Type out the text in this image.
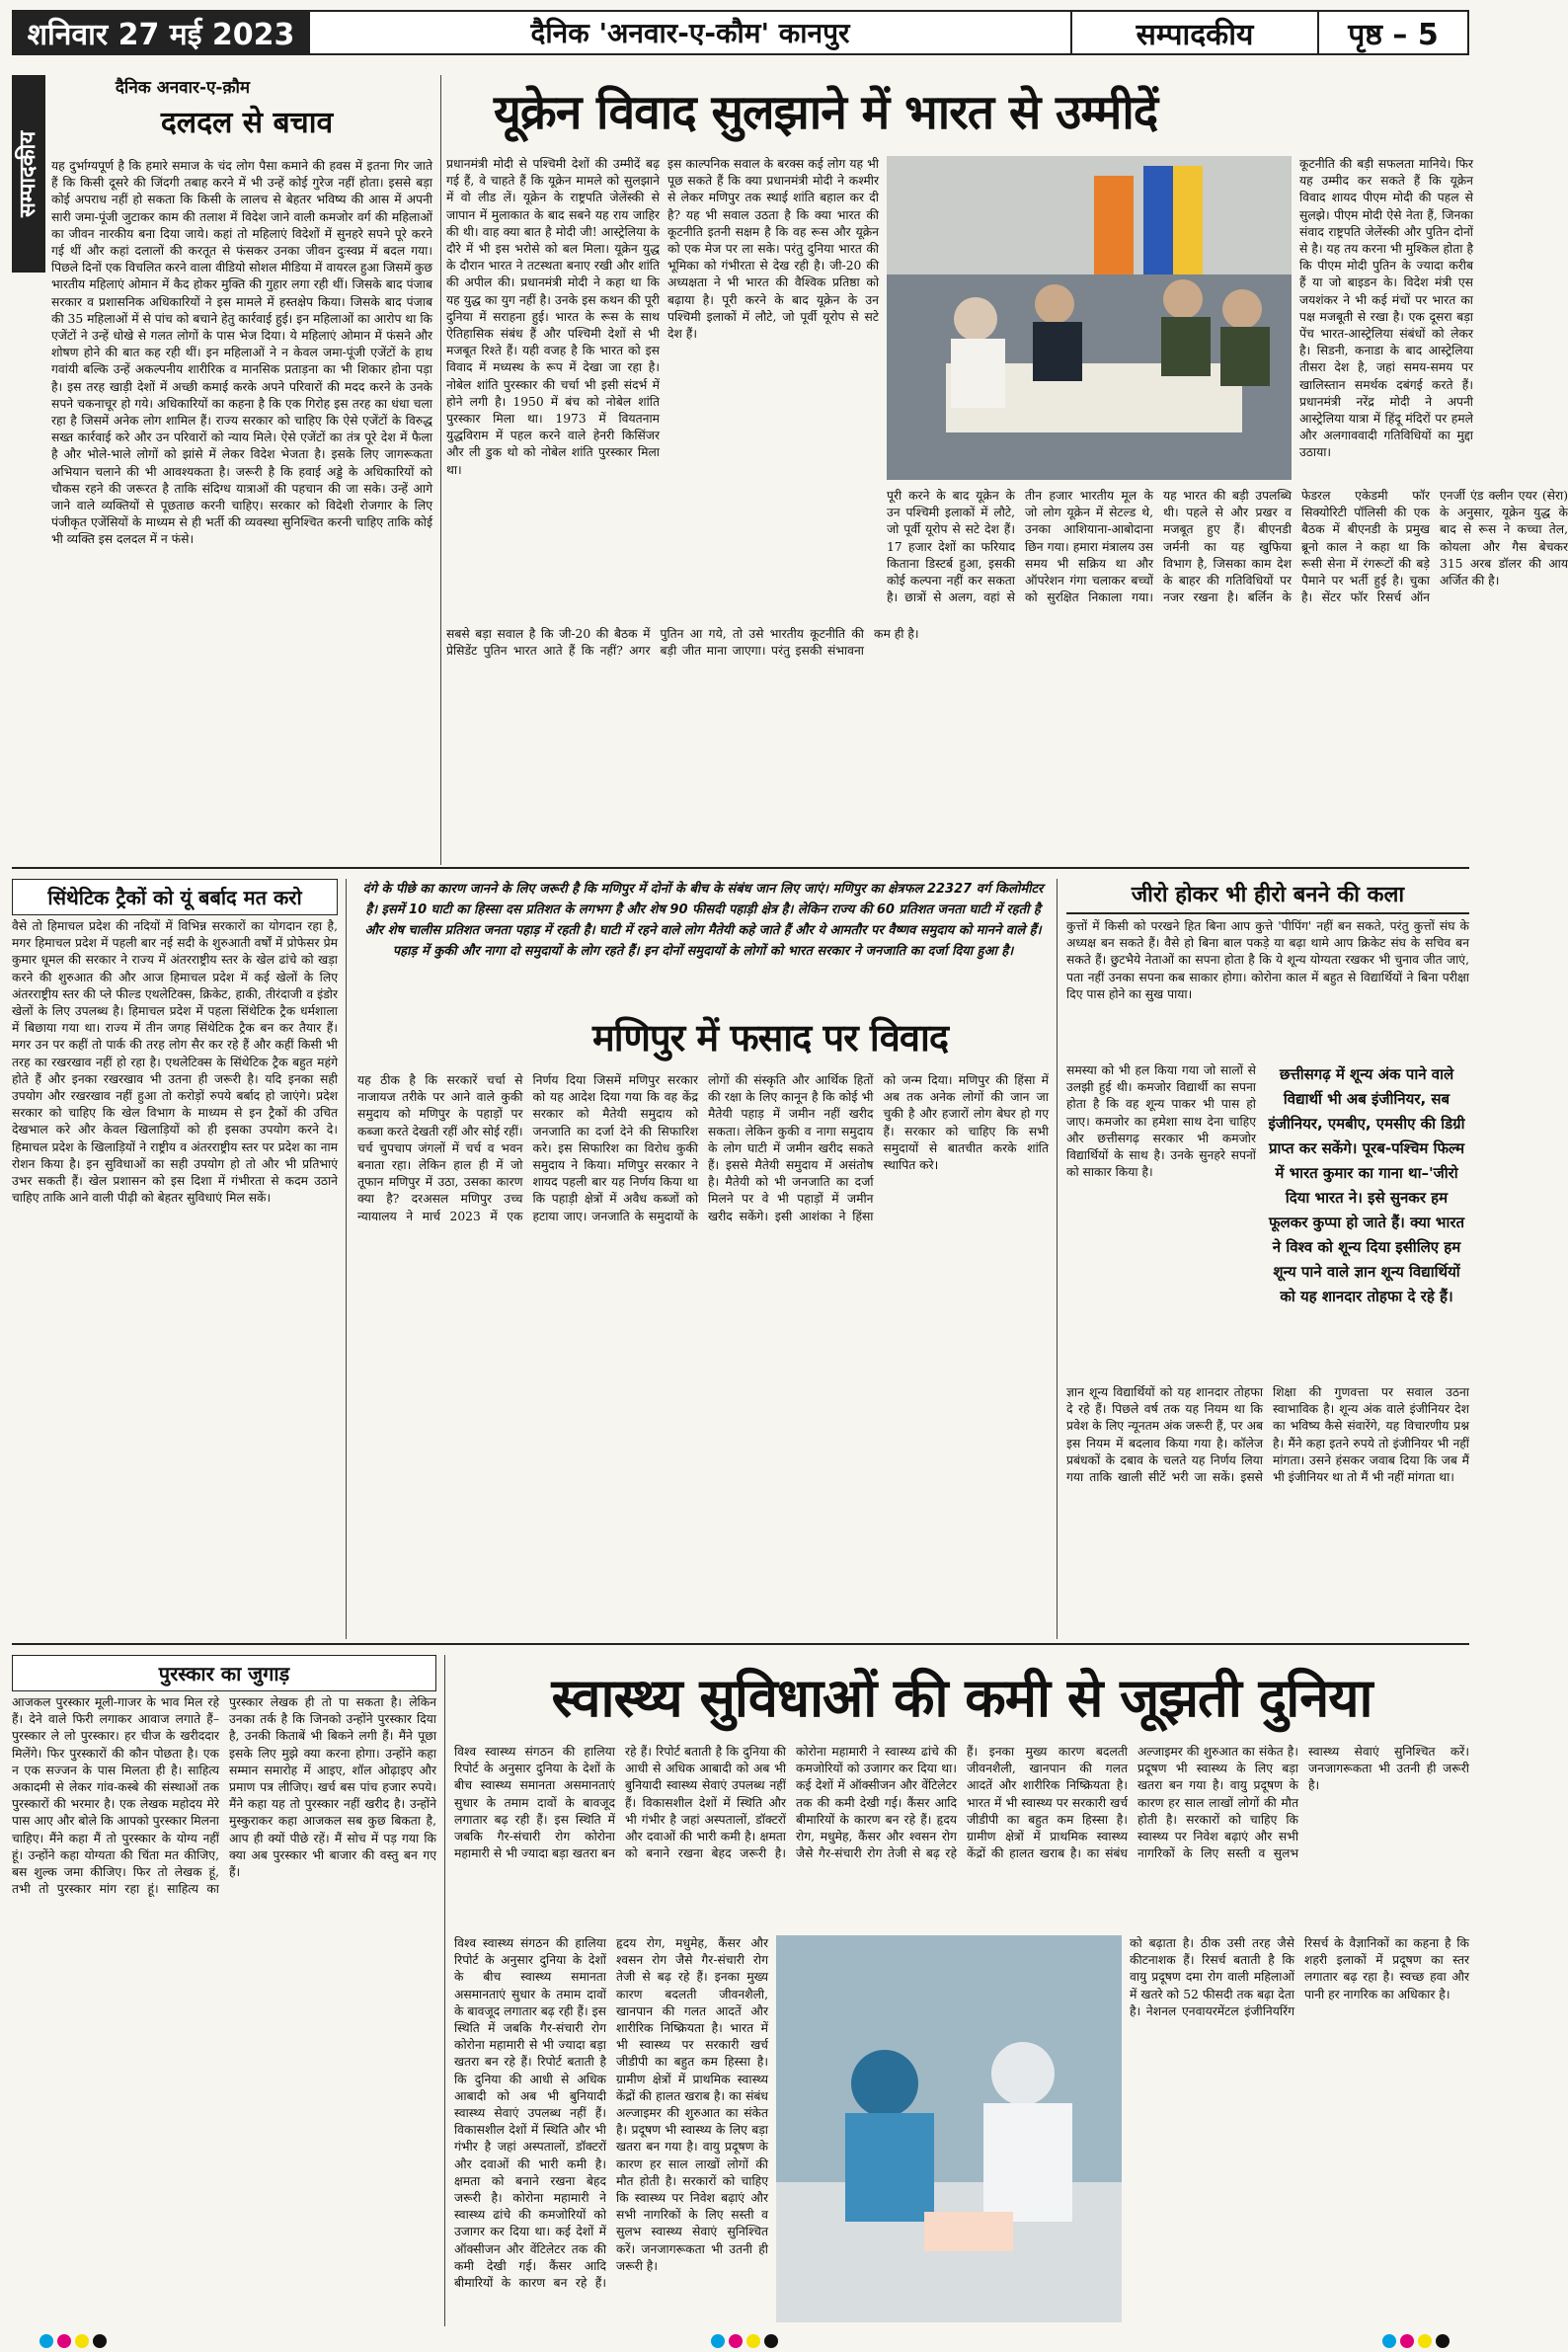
शनिवार 27 मई 2023	दैनिक 'अनवार-ए-कौम' कानपुर	सम्पादकीय	पृष्ठ – 5
सम्पादकीय
दैनिक अनवार-ए-क़ौम
दलदल से बचाव
यह दुर्भाग्यपूर्ण है कि हमारे समाज के चंद लोग पैसा कमाने की हवस में इतना गिर जाते हैं कि किसी दूसरे की जिंदगी तबाह करने में भी उन्हें कोई गुरेज नहीं होता। इससे बड़ा कोई अपराध नहीं हो सकता कि किसी के लालच से बेहतर भविष्य की आस में अपनी सारी जमा-पूंजी जुटाकर काम की तलाश में विदेश जाने वाली कमजोर वर्ग की महिलाओं का जीवन नारकीय बना दिया जाये। कहां तो महिलाएं विदेशों में सुनहरे सपने पूरे करने गई थीं और कहां दलालों की करतूत से फंसकर उनका जीवन दुःस्वप्न में बदल गया। पिछले दिनों एक विचलित करने वाला वीडियो सोशल मीडिया में वायरल हुआ जिसमें कुछ भारतीय महिलाएं ओमान में कैद होकर मुक्ति की गुहार लगा रही थीं। जिसके बाद पंजाब सरकार व प्रशासनिक अधिकारियों ने इस मामले में हस्तक्षेप किया। जिसके बाद पंजाब की 35 महिलाओं में से पांच को बचाने हेतु कार्रवाई हुई। इन महिलाओं का आरोप था कि एजेंटों ने उन्हें धोखे से गलत लोगों के पास भेज दिया। ये महिलाएं ओमान में फंसने और शोषण होने की बात कह रही थीं। इन महिलाओं ने न केवल जमा-पूंजी एजेंटों के हाथ गवांयी बल्कि उन्हें अकल्पनीय शारीरिक व मानसिक प्रताड़ना का भी शिकार होना पड़ा है। इस तरह खाड़ी देशों में अच्छी कमाई करके अपने परिवारों की मदद करने के उनके सपने चकनाचूर हो गये। अधिकारियों का कहना है कि एक गिरोह इस तरह का धंधा चला रहा है जिसमें अनेक लोग शामिल हैं। राज्य सरकार को चाहिए कि ऐसे एजेंटों के विरुद्ध सख्त कार्रवाई करे और उन परिवारों को न्याय मिले। ऐसे एजेंटों का तंत्र पूरे देश में फैला है और भोले-भाले लोगों को झांसे में लेकर विदेश भेजता है। इसके लिए जागरूकता अभियान चलाने की भी आवश्यकता है। जरूरी है कि हवाई अड्डे के अधिकारियों को चौकस रहने की जरूरत है ताकि संदिग्ध यात्राओं की पहचान की जा सके। उन्हें आगे जाने वाले व्यक्तियों से पूछताछ करनी चाहिए। सरकार को विदेशी रोजगार के लिए पंजीकृत एजेंसियों के माध्यम से ही भर्ती की व्यवस्था सुनिश्चित करनी चाहिए ताकि कोई भी व्यक्ति इस दलदल में न फंसे।
यूक्रेन विवाद सुलझाने में भारत से उम्मीदें
प्रधानमंत्री मोदी से पश्चिमी देशों की उम्मीदें बढ़ गई हैं, वे चाहते हैं कि यूक्रेन मामले को सुलझाने में वो लीड लें। यूक्रेन के राष्ट्रपति जेलेंस्की से जापान में मुलाकात के बाद सबने यह राय जाहिर की थी। वाह क्या बात है मोदी जी! आस्ट्रेलिया के दौरे में भी इस भरोसे को बल मिला। यूक्रेन युद्ध के दौरान भारत ने तटस्थता बनाए रखी और शांति की अपील की। प्रधानमंत्री मोदी ने कहा था कि यह युद्ध का युग नहीं है। उनके इस कथन की पूरी दुनिया में सराहना हुई। भारत के रूस के साथ ऐतिहासिक संबंध हैं और पश्चिमी देशों से भी मजबूत रिश्ते हैं। यही वजह है कि भारत को इस विवाद में मध्यस्थ के रूप में देखा जा रहा है। नोबेल शांति पुरस्कार की चर्चा भी इसी संदर्भ में होने लगी है। 1950 में बंच को नोबेल शांति पुरस्कार मिला था। 1973 में वियतनाम युद्धविराम में पहल करने वाले हेनरी किसिंजर और ली डुक थो को नोबेल शांति पुरस्कार मिला था।
इस काल्पनिक सवाल के बरक्स कई लोग यह भी पूछ सकते हैं कि क्या प्रधानमंत्री मोदी ने कश्मीर से लेकर मणिपुर तक स्थाई शांति बहाल कर दी है? यह भी सवाल उठता है कि क्या भारत की कूटनीति इतनी सक्षम है कि वह रूस और यूक्रेन को एक मेज पर ला सके। परंतु दुनिया भारत की भूमिका को गंभीरता से देख रही है। जी-20 की अध्यक्षता ने भी भारत की वैश्विक प्रतिष्ठा को बढ़ाया है। पूरी करने के बाद यूक्रेन के उन पश्चिमी इलाकों में लौटे, जो पूर्वी यूरोप से सटे देश हैं।
कूटनीति की बड़ी सफलता मानिये। फिर यह उम्मीद कर सकते हैं कि यूक्रेन विवाद शायद पीएम मोदी की पहल से सुलझे। पीएम मोदी ऐसे नेता हैं, जिनका संवाद राष्ट्रपति जेलेंस्की और पुतिन दोनों से है। यह तय करना भी मुश्किल होता है कि पीएम मोदी पुतिन के ज्यादा करीब हैं या जो बाइडन के। विदेश मंत्री एस जयशंकर ने भी कई मंचों पर भारत का पक्ष मजबूती से रखा है। एक दूसरा बड़ा पेंच भारत-आस्ट्रेलिया संबंधों को लेकर है। सिडनी, कनाडा के बाद आस्ट्रेलिया तीसरा देश है, जहां समय-समय पर खालिस्तान समर्थक दबंगई करते हैं। प्रधानमंत्री नरेंद्र मोदी ने अपनी आस्ट्रेलिया यात्रा में हिंदू मंदिरों पर हमले और अलगाववादी गतिविधियों का मुद्दा उठाया।
पूरी करने के बाद यूक्रेन के उन पश्चिमी इलाकों में लौटे, जो पूर्वी यूरोप से सटे देश हैं। 17 हजार देशों का फरियाद किताना डिस्टर्ब हुआ, इसकी कोई कल्पना नहीं कर सकता है। छात्रों से अलग, वहां से तीन हजार भारतीय मूल के जो लोग यूक्रेन में सेटल्ड थे, उनका आशियाना-आबोदाना छिन गया। हमारा मंत्रालय उस समय भी सक्रिय था और ऑपरेशन गंगा चलाकर बच्चों को सुरक्षित निकाला गया। यह भारत की बड़ी उपलब्धि थी। पहले से और प्रखर व मजबूत हुए हैं। बीएनडी जर्मनी का यह खुफिया विभाग है, जिसका काम देश के बाहर की गतिविधियों पर नजर रखना है। बर्लिन के फेडरल एकेडमी फॉर सिक्योरिटी पॉलिसी की एक बैठक में बीएनडी के प्रमुख ब्रूनो काल ने कहा था कि रूसी सेना में रंगरूटों की बड़े पैमाने पर भर्ती हुई है। चुका है। सेंटर फॉर रिसर्च ऑन एनर्जी एंड क्लीन एयर (सेरा) के अनुसार, यूक्रेन युद्ध के बाद से रूस ने कच्चा तेल, कोयला और गैस बेचकर 315 अरब डॉलर की आय अर्जित की है।
सबसे बड़ा सवाल है कि जी-20 की बैठक में प्रेसिडेंट पुतिन भारत आते हैं कि नहीं? अगर पुतिन आ गये, तो उसे भारतीय कूटनीति की बड़ी जीत माना जाएगा। परंतु इसकी संभावना कम ही है।
सिंथेटिक ट्रैकों को यूं बर्बाद मत करो
वैसे तो हिमाचल प्रदेश की नदियों में विभिन्न सरकारों का योगदान रहा है, मगर हिमाचल प्रदेश में पहली बार नई सदी के शुरुआती वर्षों में प्रोफेसर प्रेम कुमार धूमल की सरकार ने राज्य में अंतरराष्ट्रीय स्तर के खेल ढांचे को खड़ा करने की शुरुआत की और आज हिमाचल प्रदेश में कई खेलों के लिए अंतरराष्ट्रीय स्तर की प्ले फील्ड एथलेटिक्स, क्रिकेट, हाकी, तीरंदाजी व इंडोर खेलों के लिए उपलब्ध है। हिमाचल प्रदेश में पहला सिंथेटिक ट्रैक धर्मशाला में बिछाया गया था। राज्य में तीन जगह सिंथेटिक ट्रैक बन कर तैयार हैं। मगर उन पर कहीं तो पार्क की तरह लोग सैर कर रहे हैं और कहीं किसी भी तरह का रखरखाव नहीं हो रहा है। एथलेटिक्स के सिंथेटिक ट्रैक बहुत महंगे होते हैं और इनका रखरखाव भी उतना ही जरूरी है। यदि इनका सही उपयोग और रखरखाव नहीं हुआ तो करोड़ों रुपये बर्बाद हो जाएंगे। प्रदेश सरकार को चाहिए कि खेल विभाग के माध्यम से इन ट्रैकों की उचित देखभाल करे और केवल खिलाड़ियों को ही इसका उपयोग करने दे। हिमाचल प्रदेश के खिलाड़ियों ने राष्ट्रीय व अंतरराष्ट्रीय स्तर पर प्रदेश का नाम रोशन किया है। इन सुविधाओं का सही उपयोग हो तो और भी प्रतिभाएं उभर सकती हैं। खेल प्रशासन को इस दिशा में गंभीरता से कदम उठाने चाहिए ताकि आने वाली पीढ़ी को बेहतर सुविधाएं मिल सकें।
दंगे के पीछे का कारण जानने के लिए जरूरी है कि मणिपुर में दोनों के बीच के संबंध जान लिए जाएं। मणिपुर का क्षेत्रफल 22327 वर्ग किलोमीटर है। इसमें 10 घाटी का हिस्सा दस प्रतिशत के लगभग है और शेष 90 फीसदी पहाड़ी क्षेत्र है। लेकिन राज्य की 60 प्रतिशत जनता घाटी में रहती है और शेष चालीस प्रतिशत जनता पहाड़ में रहती है। घाटी में रहने वाले लोग मैतेयी कहे जाते हैं और ये आमतौर पर वैष्णव समुदाय को मानने वाले हैं। पहाड़ में कुकी और नागा दो समुदायों के लोग रहते हैं। इन दोनों समुदायों के लोगों को भारत सरकार ने जनजाति का दर्जा दिया हुआ है।
मणिपुर में फसाद पर विवाद
यह ठीक है कि सरकारें चर्चा से नाजायज तरीके पर आने वाले कुकी समुदाय को मणिपुर के पहाड़ों पर कब्जा करते देखती रहीं और सोई रहीं। चर्च चुपचाप जंगलों में चर्च व भवन बनाता रहा। लेकिन हाल ही में जो तूफान मणिपुर में उठा, उसका कारण क्या है? दरअसल मणिपुर उच्च न्यायालय ने मार्च 2023 में एक निर्णय दिया जिसमें मणिपुर सरकार को यह आदेश दिया गया कि वह केंद्र सरकार को मैतेयी समुदाय को जनजाति का दर्जा देने की सिफारिश करे। इस सिफारिश का विरोध कुकी समुदाय ने किया। मणिपुर सरकार ने शायद पहली बार यह निर्णय किया था कि पहाड़ी क्षेत्रों में अवैध कब्जों को हटाया जाए। जनजाति के समुदायों के लोगों की संस्कृति और आर्थिक हितों की रक्षा के लिए कानून है कि कोई भी मैतेयी पहाड़ में जमीन नहीं खरीद सकता। लेकिन कुकी व नागा समुदाय के लोग घाटी में जमीन खरीद सकते हैं। इससे मैतेयी समुदाय में असंतोष है। मैतेयी को भी जनजाति का दर्जा मिलने पर वे भी पहाड़ों में जमीन खरीद सकेंगे। इसी आशंका ने हिंसा को जन्म दिया। मणिपुर की हिंसा में अब तक अनेक लोगों की जान जा चुकी है और हजारों लोग बेघर हो गए हैं। सरकार को चाहिए कि सभी समुदायों से बातचीत करके शांति स्थापित करे।
जीरो होकर भी हीरो बनने की कला
कुत्तों में किसी को परखने हित बिना आप कुत्ते 'पीपिंग' नहीं बन सकते, परंतु कुत्तों संघ के अध्यक्ष बन सकते हैं। वैसे हो बिना बाल पकड़े या बढ़ा थामे आप क्रिकेट संघ के सचिव बन सकते हैं। छुटभैये नेताओं का सपना होता है कि ये शून्य योग्यता रखकर भी चुनाव जीत जाएं, पता नहीं उनका सपना कब साकार होगा। कोरोना काल में बहुत से विद्यार्थियों ने बिना परीक्षा दिए पास होने का सुख पाया।
समस्या को भी हल किया गया जो सालों से उलझी हुई थी। कमजोर विद्यार्थी का सपना होता है कि वह शून्य पाकर भी पास हो जाए। कमजोर का हमेशा साथ देना चाहिए और छत्तीसगढ़ सरकार भी कमजोर विद्यार्थियों के साथ है। उनके सुनहरे सपनों को साकार किया है।
छत्तीसगढ़ में शून्य अंक पाने वाले विद्यार्थी भी अब इंजीनियर, सब इंजीनियर, एमबीए, एमसीए की डिग्री प्राप्त कर सकेंगे। पूरब-पश्चिम फिल्म में भारत कुमार का गाना था–'जीरो दिया भारत ने। इसे सुनकर हम फूलकर कुप्पा हो जाते हैं। क्या भारत ने विश्व को शून्य दिया इसीलिए हम शून्य पाने वाले ज्ञान शून्य विद्यार्थियों को यह शानदार तोहफा दे रहे हैं।
ज्ञान शून्य विद्यार्थियों को यह शानदार तोहफा दे रहे हैं। पिछले वर्ष तक यह नियम था कि प्रवेश के लिए न्यूनतम अंक जरूरी हैं, पर अब इस नियम में बदलाव किया गया है। कॉलेज प्रबंधकों के दबाव के चलते यह निर्णय लिया गया ताकि खाली सीटें भरी जा सकें। इससे शिक्षा की गुणवत्ता पर सवाल उठना स्वाभाविक है। शून्य अंक वाले इंजीनियर देश का भविष्य कैसे संवारेंगे, यह विचारणीय प्रश्न है। मैंने कहा इतने रुपये तो इंजीनियर भी नहीं मांगता। उसने हंसकर जवाब दिया कि जब मैं भी इंजीनियर था तो मैं भी नहीं मांगता था।
पुरस्कार का जुगाड़
आजकल पुरस्कार मूली-गाजर के भाव मिल रहे हैं। देने वाले फिरी लगाकर आवाज लगाते हैं–पुरस्कार ले लो पुरस्कार। हर चीज के खरीददार मिलेंगे। फिर पुरस्कारों की कौन पोछता है। एक न एक सज्जन के पास मिलता ही है। साहित्य अकादमी से लेकर गांव-कस्बे की संस्थाओं तक पुरस्कारों की भरमार है। एक लेखक महोदय मेरे पास आए और बोले कि आपको पुरस्कार मिलना चाहिए। मैंने कहा मैं तो पुरस्कार के योग्य नहीं हूं। उन्होंने कहा योग्यता की चिंता मत कीजिए, बस शुल्क जमा कीजिए। फिर तो लेखक हूं, तभी तो पुरस्कार मांग रहा हूं। साहित्य का पुरस्कार लेखक ही तो पा सकता है। लेकिन उनका तर्क है कि जिनको उन्होंने पुरस्कार दिया है, उनकी किताबें भी बिकने लगी हैं। मैंने पूछा इसके लिए मुझे क्या करना होगा। उन्होंने कहा सम्मान समारोह में आइए, शॉल ओढ़ाइए और प्रमाण पत्र लीजिए। खर्च बस पांच हजार रुपये। मैंने कहा यह तो पुरस्कार नहीं खरीद है। उन्होंने मुस्कुराकर कहा आजकल सब कुछ बिकता है, आप ही क्यों पीछे रहें। मैं सोच में पड़ गया कि क्या अब पुरस्कार भी बाजार की वस्तु बन गए हैं।
स्वास्थ्य सुविधाओं की कमी से जूझती दुनिया
विश्व स्वास्थ्य संगठन की हालिया रिपोर्ट के अनुसार दुनिया के देशों के बीच स्वास्थ्य समानता असमानताएं सुधार के तमाम दावों के बावजूद लगातार बढ़ रही हैं। इस स्थिति में जबकि गैर-संचारी रोग कोरोना महामारी से भी ज्यादा बड़ा खतरा बन रहे हैं। रिपोर्ट बताती है कि दुनिया की आधी से अधिक आबादी को अब भी बुनियादी स्वास्थ्य सेवाएं उपलब्ध नहीं हैं। विकासशील देशों में स्थिति और भी गंभीर है जहां अस्पतालों, डॉक्टरों और दवाओं की भारी कमी है। क्षमता को बनाने रखना बेहद जरूरी है। कोरोना महामारी ने स्वास्थ्य ढांचे की कमजोरियों को उजागर कर दिया था। कई देशों में ऑक्सीजन और वेंटिलेटर तक की कमी देखी गई। कैंसर आदि बीमारियों के कारण बन रहे हैं। हृदय रोग, मधुमेह, कैंसर और श्वसन रोग जैसे गैर-संचारी रोग तेजी से बढ़ रहे हैं। इनका मुख्य कारण बदलती जीवनशैली, खानपान की गलत आदतें और शारीरिक निष्क्रियता है। भारत में भी स्वास्थ्य पर सरकारी खर्च जीडीपी का बहुत कम हिस्सा है। ग्रामीण क्षेत्रों में प्राथमिक स्वास्थ्य केंद्रों की हालत खराब है। का संबंध अल्जाइमर की शुरुआत का संकेत है। प्रदूषण भी स्वास्थ्य के लिए बड़ा खतरा बन गया है। वायु प्रदूषण के कारण हर साल लाखों लोगों की मौत होती है। सरकारों को चाहिए कि स्वास्थ्य पर निवेश बढ़ाएं और सभी नागरिकों के लिए सस्ती व सुलभ स्वास्थ्य सेवाएं सुनिश्चित करें। जनजागरूकता भी उतनी ही जरूरी है।
विश्व स्वास्थ्य संगठन की हालिया रिपोर्ट के अनुसार दुनिया के देशों के बीच स्वास्थ्य समानता असमानताएं सुधार के तमाम दावों के बावजूद लगातार बढ़ रही हैं। इस स्थिति में जबकि गैर-संचारी रोग कोरोना महामारी से भी ज्यादा बड़ा खतरा बन रहे हैं। रिपोर्ट बताती है कि दुनिया की आधी से अधिक आबादी को अब भी बुनियादी स्वास्थ्य सेवाएं उपलब्ध नहीं हैं। विकासशील देशों में स्थिति और भी गंभीर है जहां अस्पतालों, डॉक्टरों और दवाओं की भारी कमी है। क्षमता को बनाने रखना बेहद जरूरी है। कोरोना महामारी ने स्वास्थ्य ढांचे की कमजोरियों को उजागर कर दिया था। कई देशों में ऑक्सीजन और वेंटिलेटर तक की कमी देखी गई। कैंसर आदि बीमारियों के कारण बन रहे हैं। हृदय रोग, मधुमेह, कैंसर और श्वसन रोग जैसे गैर-संचारी रोग तेजी से बढ़ रहे हैं। इनका मुख्य कारण बदलती जीवनशैली, खानपान की गलत आदतें और शारीरिक निष्क्रियता है। भारत में भी स्वास्थ्य पर सरकारी खर्च जीडीपी का बहुत कम हिस्सा है। ग्रामीण क्षेत्रों में प्राथमिक स्वास्थ्य केंद्रों की हालत खराब है। का संबंध अल्जाइमर की शुरुआत का संकेत है। प्रदूषण भी स्वास्थ्य के लिए बड़ा खतरा बन गया है। वायु प्रदूषण के कारण हर साल लाखों लोगों की मौत होती है। सरकारों को चाहिए कि स्वास्थ्य पर निवेश बढ़ाएं और सभी नागरिकों के लिए सस्ती व सुलभ स्वास्थ्य सेवाएं सुनिश्चित करें। जनजागरूकता भी उतनी ही जरूरी है।
को बढ़ाता है। ठीक उसी तरह जैसे कीटनाशक हैं। रिसर्च बताती है कि वायु प्रदूषण दमा रोग वाली महिलाओं में खतरे को 52 फीसदी तक बढ़ा देता है। नेशनल एनवायरमेंटल इंजीनियरिंग रिसर्च के वैज्ञानिकों का कहना है कि शहरी इलाकों में प्रदूषण का स्तर लगातार बढ़ रहा है। स्वच्छ हवा और पानी हर नागरिक का अधिकार है।
